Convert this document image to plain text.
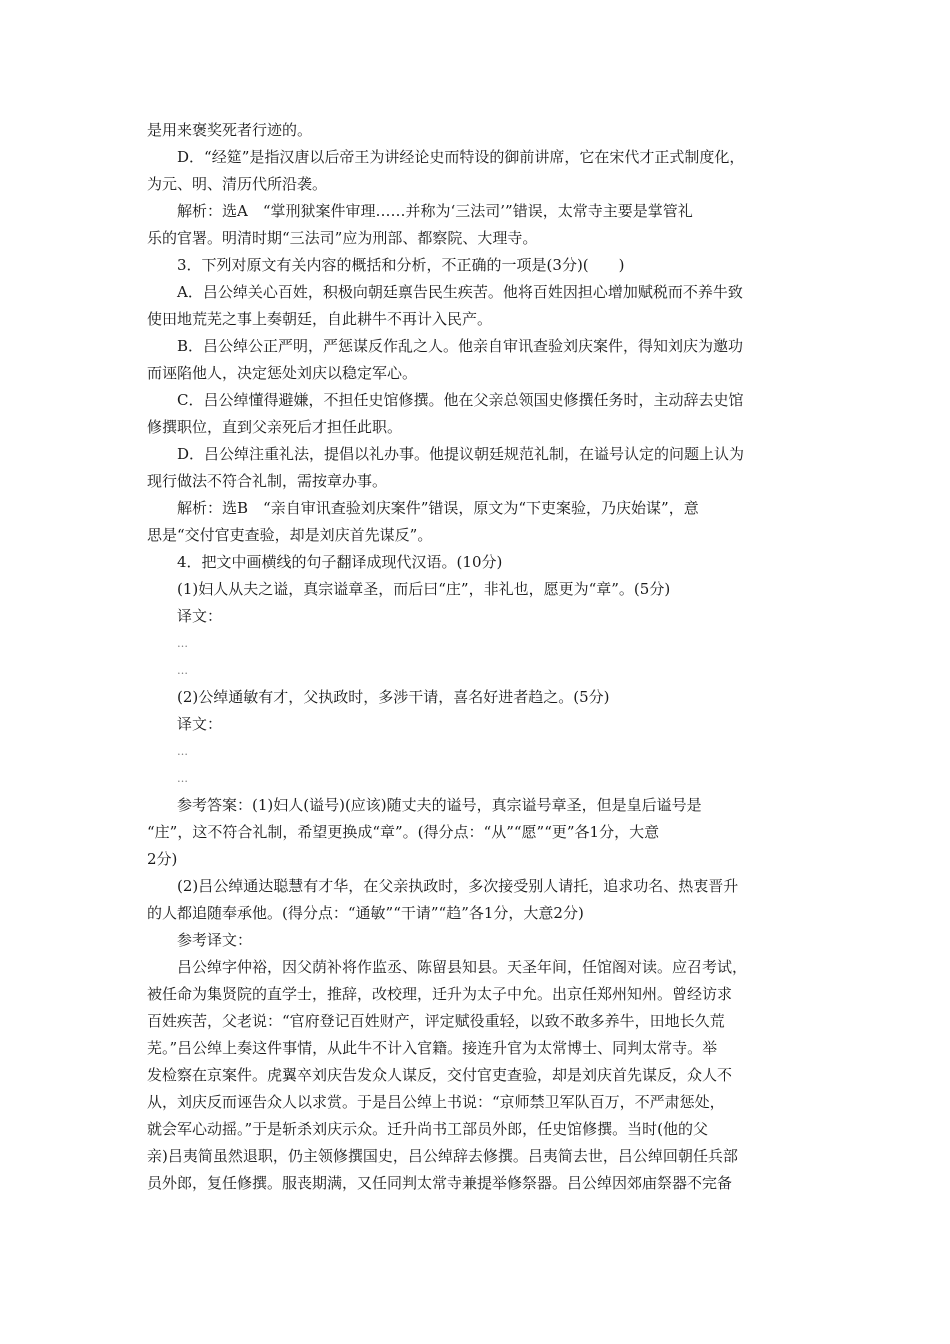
是用来褒奖死者行迹的。
D．“经筵”是指汉唐以后帝王为讲经论史而特设的御前讲席，它在宋代才正式制度化，
为元、明、清历代所沿袭。
解析：选A　“掌刑狱案件审理……并称为‘三法司’”错误，太常寺主要是掌管礼
乐的官署。明清时期“三法司”应为刑部、都察院、大理寺。
3．下列对原文有关内容的概括和分析，不正确的一项是(3分)(　　)
A．吕公绰关心百姓，积极向朝廷禀告民生疾苦。他将百姓因担心增加赋税而不养牛致
使田地荒芜之事上奏朝廷，自此耕牛不再计入民产。
B．吕公绰公正严明，严惩谋反作乱之人。他亲自审讯查验刘庆案件，得知刘庆为邀功
而诬陷他人，决定惩处刘庆以稳定军心。
C．吕公绰懂得避嫌，不担任史馆修撰。他在父亲总领国史修撰任务时，主动辞去史馆
修撰职位，直到父亲死后才担任此职。
D．吕公绰注重礼法，提倡以礼办事。他提议朝廷规范礼制，在谥号认定的问题上认为
现行做法不符合礼制，需按章办事。
解析：选B　“亲自审讯查验刘庆案件”错误，原文为“下吏案验，乃庆始谋”，意
思是“交付官吏查验，却是刘庆首先谋反”。
4．把文中画横线的句子翻译成现代汉语。(10分)
(1)妇人从夫之谥，真宗谥章圣，而后曰“庄”，非礼也，愿更为“章”。(5分)
译文：
…
…
(2)公绰通敏有才，父执政时，多涉干请，喜名好进者趋之。(5分)
译文：
…
…
参考答案：(1)妇人(谥号)(应该)随丈夫的谥号，真宗谥号章圣，但是皇后谥号是
“庄”，这不符合礼制，希望更换成“章”。(得分点：“从”“愿”“更”各1分，大意
2分)
(2)吕公绰通达聪慧有才华，在父亲执政时，多次接受别人请托，追求功名、热衷晋升
的人都追随奉承他。(得分点：“通敏”“干请”“趋”各1分，大意2分)
参考译文：
吕公绰字仲裕，因父荫补将作监丞、陈留县知县。天圣年间，任馆阁对读。应召考试，
被任命为集贤院的直学士，推辞，改校理，迁升为太子中允。出京任郑州知州。曾经访求
百姓疾苦，父老说：“官府登记百姓财产，评定赋役重轻，以致不敢多养牛，田地长久荒
芜。”吕公绰上奏这件事情，从此牛不计入官籍。接连升官为太常博士、同判太常寺。举
发检察在京案件。虎翼卒刘庆告发众人谋反，交付官吏查验，却是刘庆首先谋反，众人不
从，刘庆反而诬告众人以求赏。于是吕公绰上书说：“京师禁卫军队百万，不严肃惩处，
就会军心动摇。”于是斩杀刘庆示众。迁升尚书工部员外郎，任史馆修撰。当时(他的父
亲)吕夷简虽然退职，仍主领修撰国史，吕公绰辞去修撰。吕夷简去世，吕公绰回朝任兵部
员外郎，复任修撰。服丧期满，又任同判太常寺兼提举修祭器。吕公绰因郊庙祭器不完备
